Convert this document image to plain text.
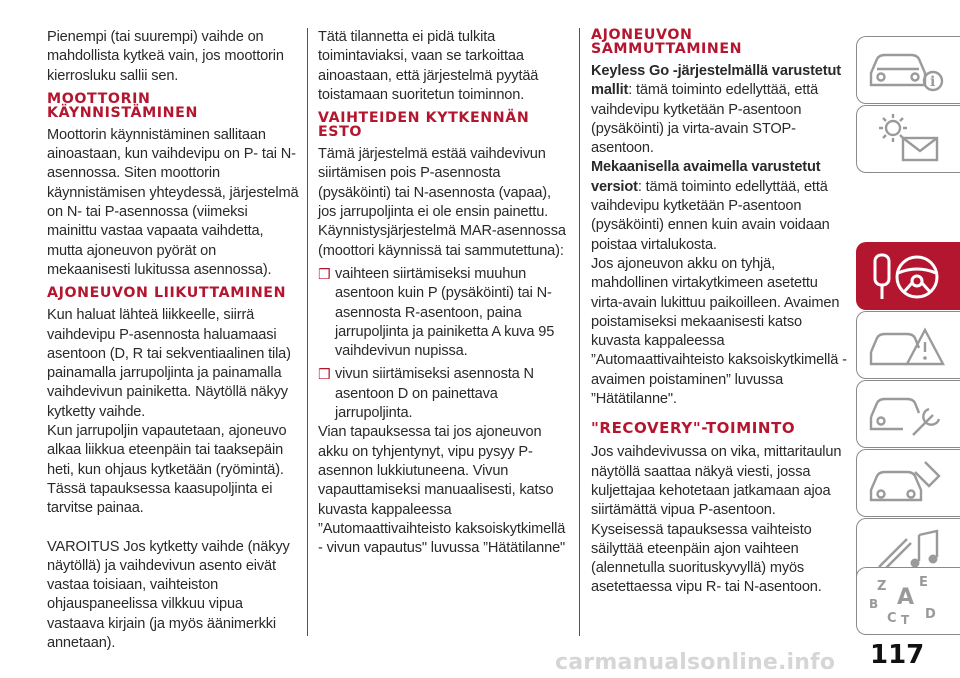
Pienempi (tai suurempi) vaihde on mahdollista kytkeä vain, jos moottorin kierrosluku sallii sen.
MOOTTORIN KÄYNNISTÄMINEN
Moottorin käynnistäminen sallitaan ainoastaan, kun vaihdevipu on P- tai N-asennossa. Siten moottorin käynnistämisen yhteydessä, järjestelmä on N- tai P-asennossa (viimeksi mainittu vastaa vapaata vaihdetta, mutta ajoneuvon pyörät on mekaanisesti lukitussa asennossa).
AJONEUVON LIIKUTTAMINEN
Kun haluat lähteä liikkeelle, siirrä vaihdevipu P-asennosta haluamaasi asentoon (D, R tai sekventiaalinen tila) painamalla jarrupoljinta ja painamalla vaihdevivun painiketta. Näytöllä näkyy kytketty vaihde.
Kun jarrupoljin vapautetaan, ajoneuvo alkaa liikkua eteenpäin tai taaksepäin heti, kun ohjaus kytketään (ryömintä). Tässä tapauksessa kaasupoljinta ei tarvitse painaa.
VAROITUS Jos kytketty vaihde (näkyy näytöllä) ja vaihdevivun asento eivät vastaa toisiaan, vaihteiston ohjauspaneelissa vilkkuu vipua vastaava kirjain (ja myös äänimerkki annetaan).
Tätä tilannetta ei pidä tulkita toimintaviaksi, vaan se tarkoittaa ainoastaan, että järjestelmä pyytää toistamaan suoritetun toiminnon.
VAIHTEIDEN KYTKENNÄN ESTO
Tämä järjestelmä estää vaihdevivun siirtämisen pois P-asennosta (pysäköinti) tai N-asennosta (vapaa), jos jarrupoljinta ei ole ensin painettu. Käynnistysjärjestelmä MAR-asennossa (moottori käynnissä tai sammutettuna):
❒ vaihteen siirtämiseksi muuhun asentoon kuin P (pysäköinti) tai N-asennosta R-asentoon, paina jarrupoljinta ja painiketta A kuva 95 vaihdevivun nupissa.
❒ vivun siirtämiseksi asennosta N asentoon D on painettava jarrupoljinta.
Vian tapauksessa tai jos ajoneuvon akku on tyhjentynyt, vipu pysyy P-asennon lukkiutuneena. Vivun vapauttamiseksi manuaalisesti, katso kuvasta kappaleessa ”Automaattivaihteisto kaksoiskytkimellä - vivun vapautus" luvussa ”Hätätilanne"
AJONEUVON SAMMUTTAMINEN
Keyless Go -järjestelmällä varustetut mallit: tämä toiminto edellyttää, että vaihdevipu kytketään P-asentoon (pysäköinti) ja virta-avain STOP-asentoon.
Mekaanisella avaimella varustetut versiot: tämä toiminto edellyttää, että vaihdevipu kytketään P-asentoon (pysäköinti) ennen kuin avain voidaan poistaa virtalukosta.
Jos ajoneuvon akku on tyhjä, mahdollinen virtakytkimeen asetettu virta-avain lukittuu paikoilleen. Avaimen poistamiseksi mekaanisesti katso kuvasta kappaleessa ”Automaattivaihteisto kaksoiskytkimellä - avaimen poistaminen” luvussa ”Hätätilanne".
"RECOVERY"-TOIMINTO
Jos vaihdevivussa on vika, mittaritaulun näytöllä saattaa näkyä viesti, jossa kuljettajaa kehotetaan jatkamaan ajoa siirtämättä vipua P-asentoon.
Kyseisessä tapauksessa vaihteisto säilyttää eteenpäin ajon vaihteen (alennetulla suorituskyvyllä) myös asetettaessa vipu R- tai N-asentoon.
i
Z	E
B A
C T D
carmanualsonline.info 117
